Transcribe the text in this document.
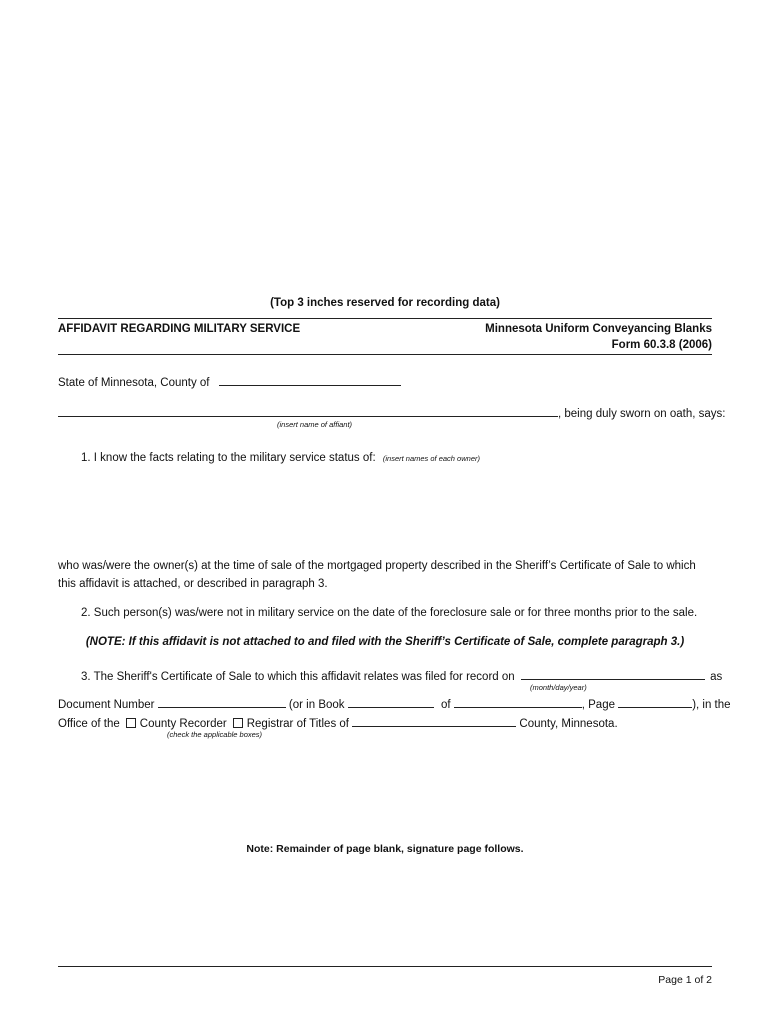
(Top 3 inches reserved for recording data)
AFFIDAVIT REGARDING MILITARY SERVICE	Minnesota Uniform Conveyancing Blanks
Form 60.3.8 (2006)
State of Minnesota, County of
, being duly sworn on oath, says:
(insert name of affiant)
1. I know the facts relating to the military service status of: (insert names of each owner)
who was/were the owner(s) at the time of sale of the mortgaged property described in the Sheriff’s Certificate of Sale to which this affidavit is attached, or described in paragraph 3.
2. Such person(s) was/were not in military service on the date of the foreclosure sale or for three months prior to the sale.
(NOTE: If this affidavit is not attached to and filed with the Sheriff’s Certificate of Sale, complete paragraph 3.)
3. The Sheriff's Certificate of Sale to which this affidavit relates was filed for record on	as
(month/day/year)
Document Number	(or in Book	of	, Page	), in the
Office of the County Recorder Registrar of Titles of	County, Minnesota.
(check the applicable boxes)
Note: Remainder of page blank, signature page follows.
Page 1 of 2
